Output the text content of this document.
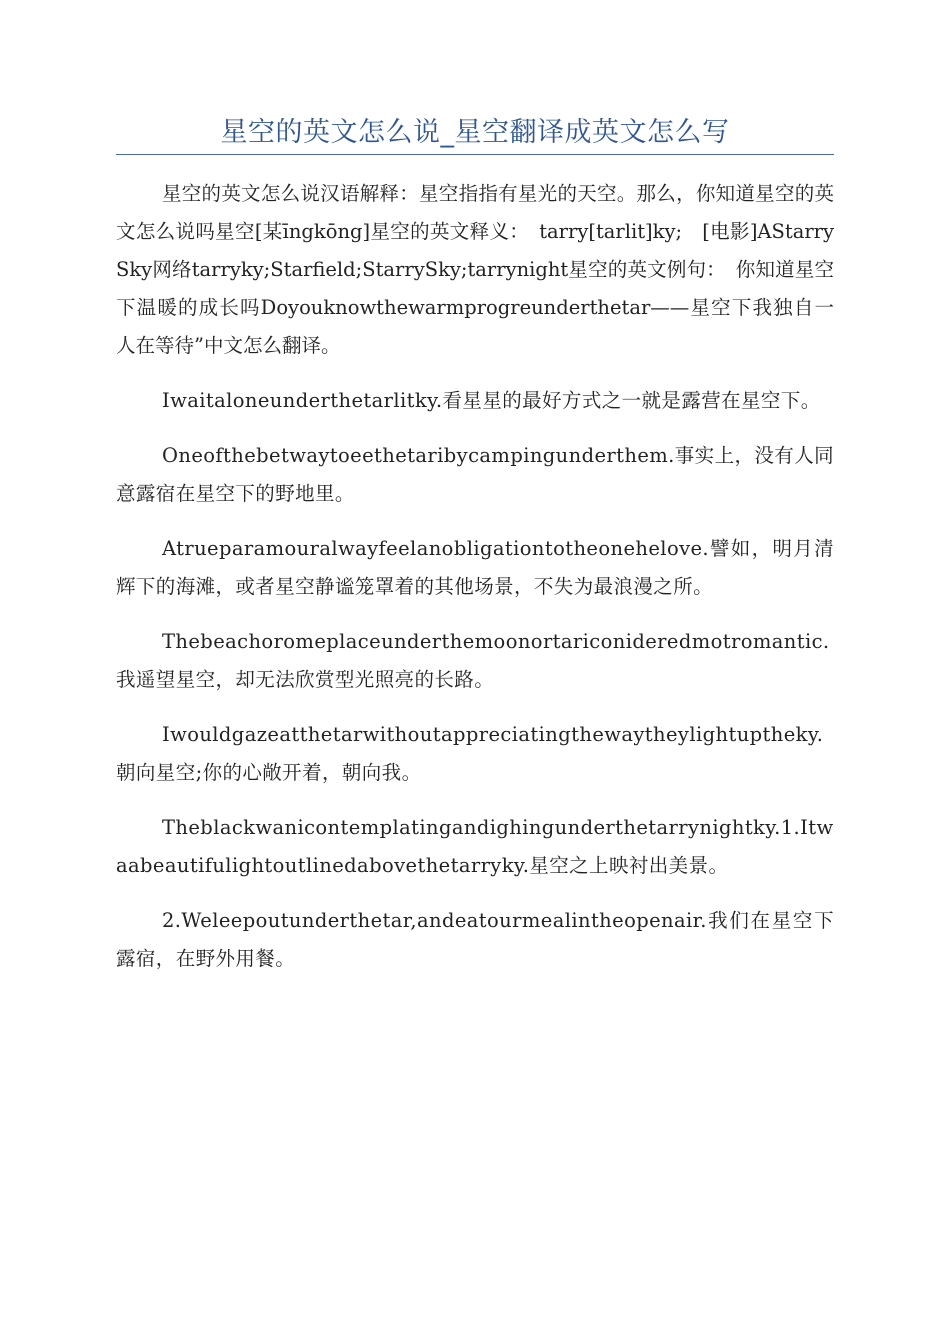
星空的英文怎么说_星空翻译成英文怎么写

星空的英文怎么说汉语解释：星空指指有星光的天空。那么，你知道星空的英文怎么说吗星空[某īngkōng]星空的英文释义：　tarry[tarlit]ky;　[电影]AStarrySky网络tarryky;Starfield;StarrySky;tarrynight星空的英文例句：　你知道星空下温暖的成长吗Doyouknowthewarmprogreunderthetar——星空下我独自一人在等待”中文怎么翻译。

Iwaitaloneunderthetarlitky.看星星的最好方式之一就是露营在星空下。

Oneofthebetwaytoeethetaribycampingunderthem.事实上，没有人同意露宿在星空下的野地里。

Atrueparamouralwayfeelanobligationtotheonehelove.譬如，明月清辉下的海滩，或者星空静谧笼罩着的其他场景，不失为最浪漫之所。

Thebeachoromeplaceunderthemoonortariconideredmotromantic.我遥望星空，却无法欣赏型光照亮的长路。

Iwouldgazeatthetarwithoutappreciatingthewaytheylightuptheky.朝向星空;你的心敞开着，朝向我。

Theblackwanicontemplatingandighingunderthetarrynightky.1.Itwaabeautifulightoutlinedabovethetarryky.星空之上映衬出美景。

2.Weleepoutunderthetar,andeatourmealintheopenair.我们在星空下露宿，在野外用餐。
